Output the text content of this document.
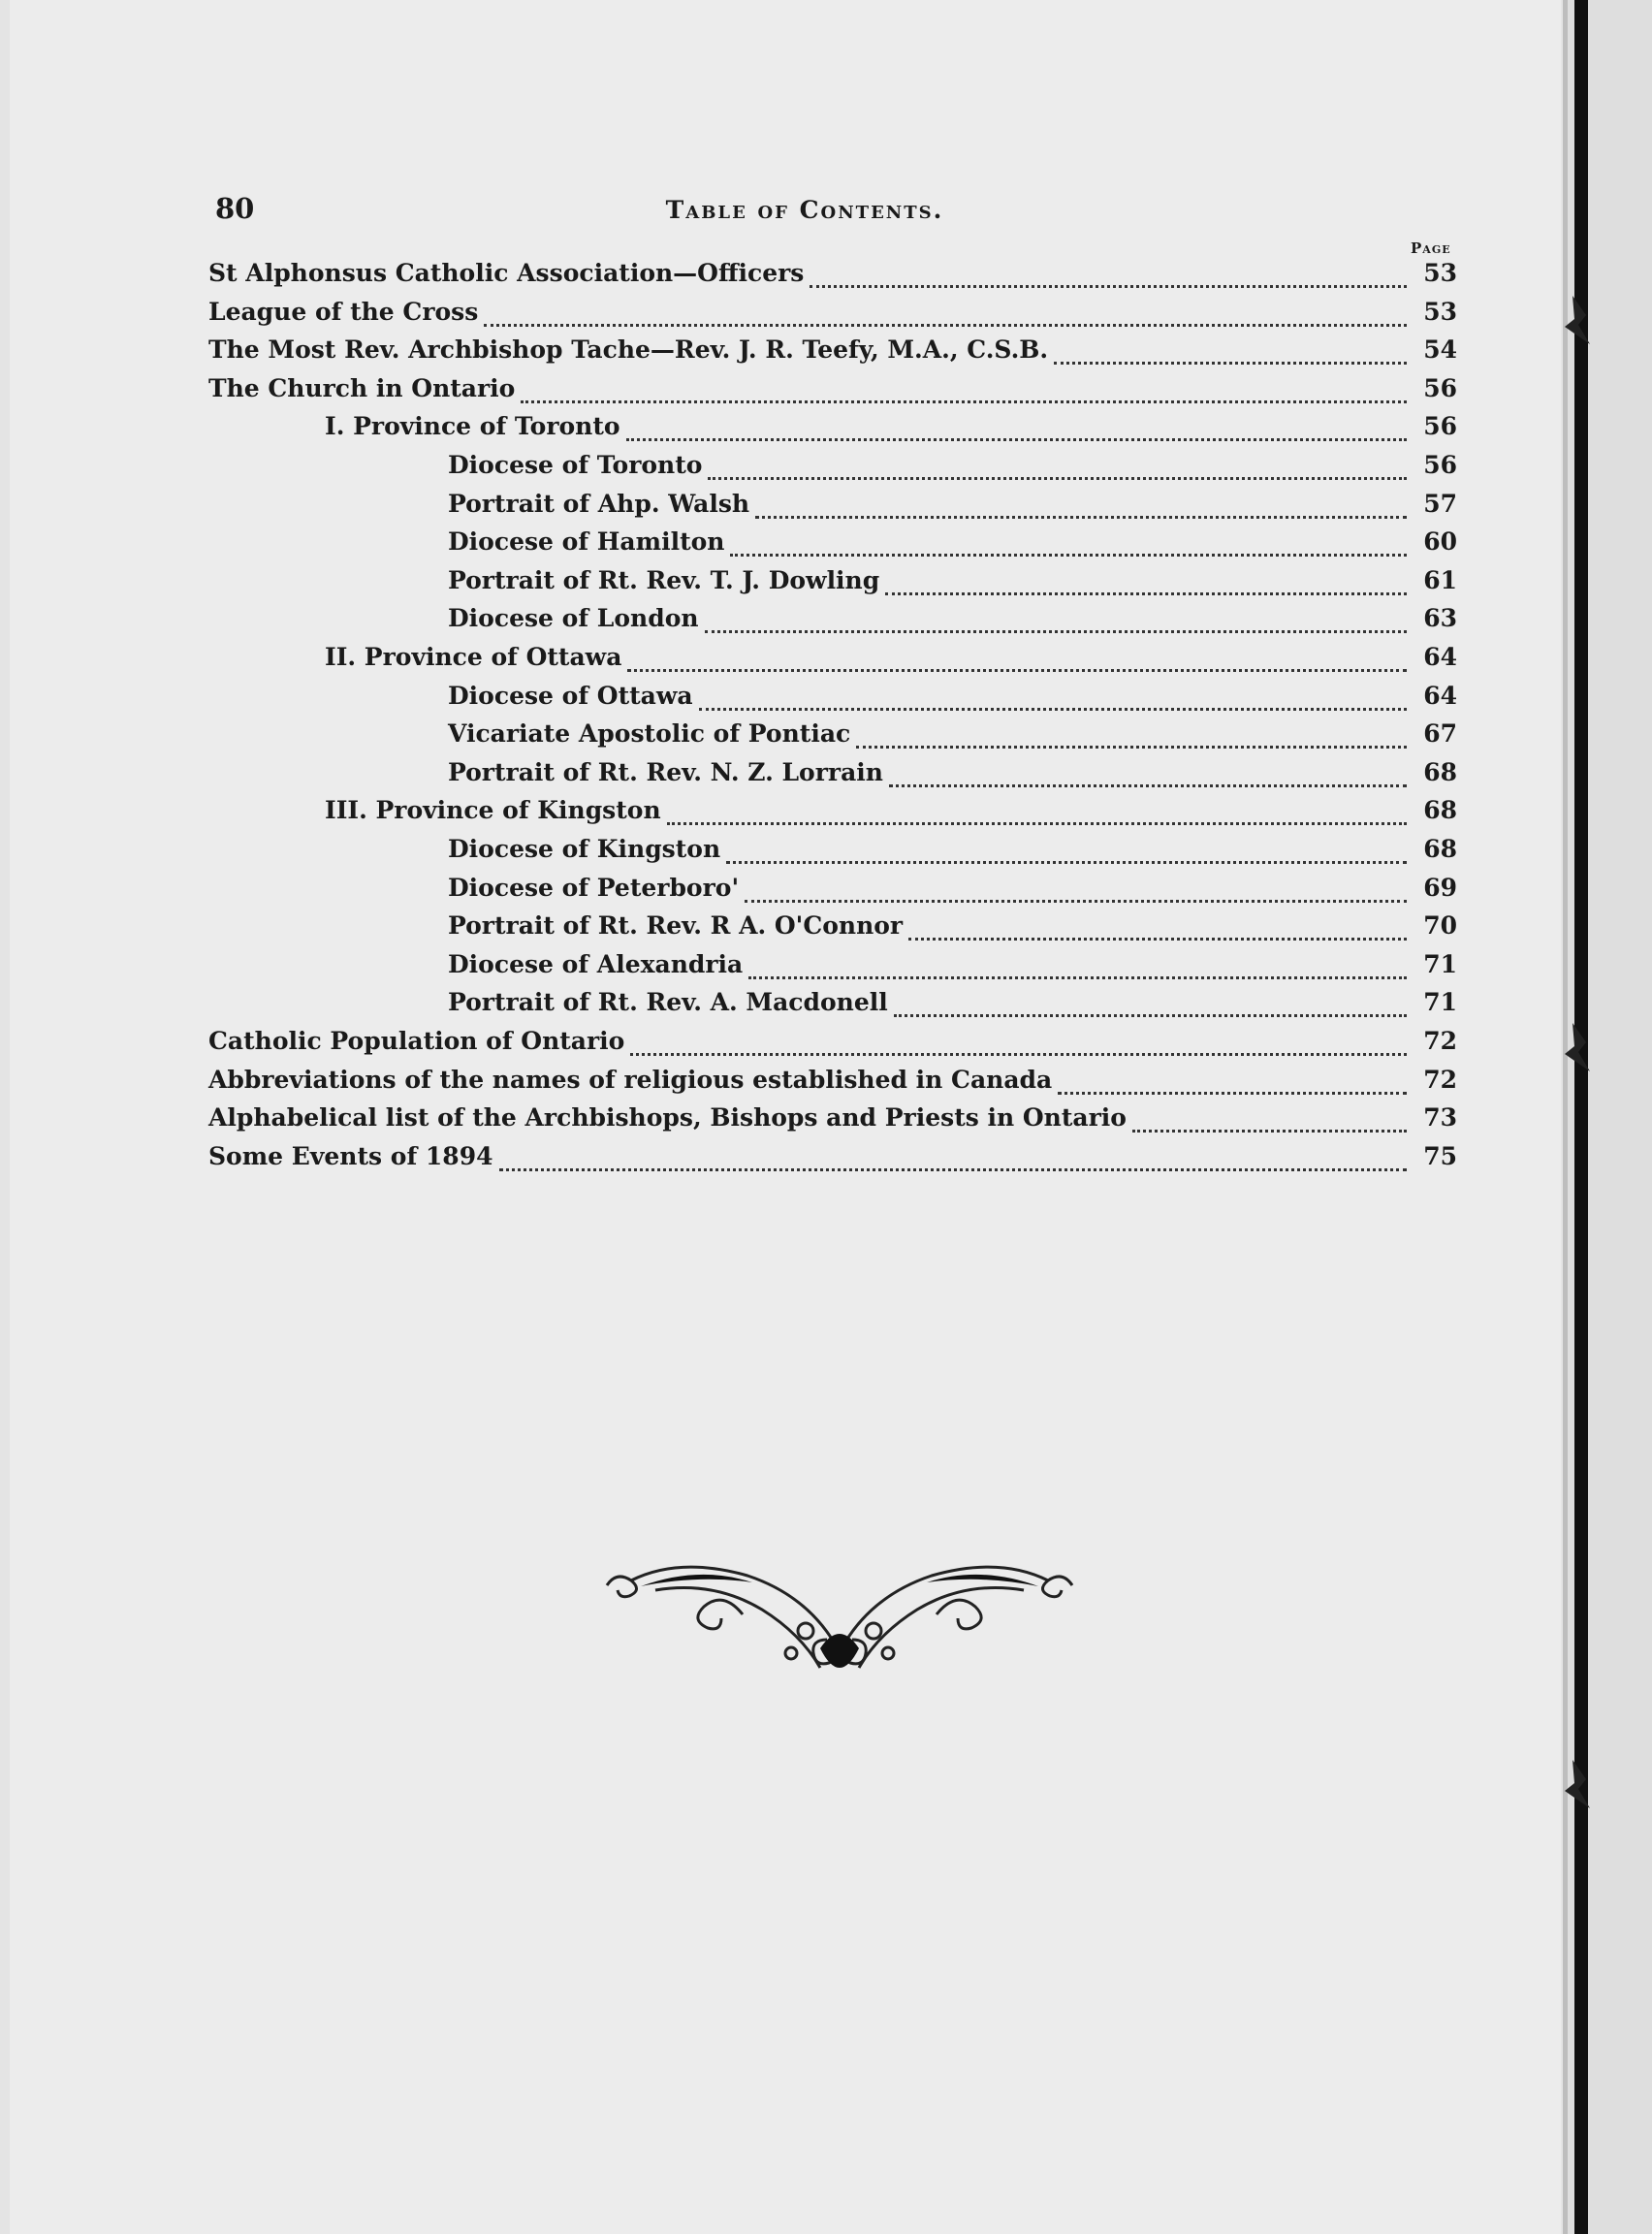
80	Table of Contents.
Page
St Alphonsus Catholic Association—Officers	53
League of the Cross	53
The Most Rev. Archbishop Tache—Rev. J. R. Teefy, M.A., C.S.B.	54
The Church in Ontario	56
I. Province of Toronto	56
Diocese of Toronto	56
Portrait of Ahp. Walsh	57
Diocese of Hamilton	60
Portrait of Rt. Rev. T. J. Dowling	61
Diocese of London	63
II. Province of Ottawa	64
Diocese of Ottawa	64
Vicariate Apostolic of Pontiac	67
Portrait of Rt. Rev. N. Z. Lorrain	68
III. Province of Kingston	68
Diocese of Kingston	68
Diocese of Peterboro'	69
Portrait of Rt. Rev. R A. O'Connor	70
Diocese of Alexandria	71
Portrait of Rt. Rev. A. Macdonell	71
Catholic Population of Ontario	72
Abbreviations of the names of religious established in Canada	72
Alphabelical list of the Archbishops, Bishops and Priests in Ontario	73
Some Events of 1894	75
